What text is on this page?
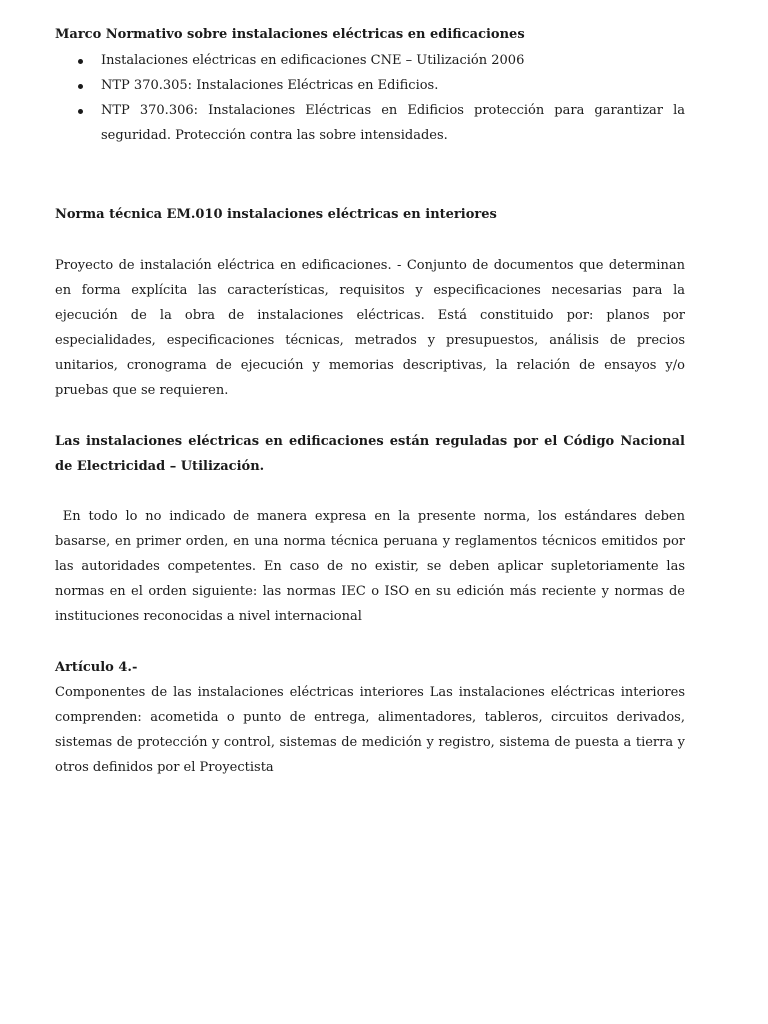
Marco Normativo sobre instalaciones eléctricas en edificaciones

Instalaciones eléctricas en edificaciones CNE – Utilización 2006
NTP 370.305: Instalaciones Eléctricas en Edificios.
NTP 370.306: Instalaciones Eléctricas en Edificios protección para garantizar la seguridad. Protección contra las sobre intensidades.

Norma técnica EM.010 instalaciones eléctricas en interiores

Proyecto de instalación eléctrica en edificaciones. - Conjunto de documentos que determinan en forma explícita las características, requisitos y especificaciones necesarias para la ejecución de la obra de instalaciones eléctricas. Está constituido por: planos por especialidades, especificaciones técnicas, metrados y presupuestos, análisis de precios unitarios, cronograma de ejecución y memorias descriptivas, la relación de ensayos y/o pruebas que se requieren.

Las instalaciones eléctricas en edificaciones están reguladas por el Código Nacional de Electricidad – Utilización.

En todo lo no indicado de manera expresa en la presente norma, los estándares deben basarse, en primer orden, en una norma técnica peruana y reglamentos técnicos emitidos por las autoridades competentes. En caso de no existir, se deben aplicar supletoriamente las normas en el orden siguiente: las normas IEC o ISO en su edición más reciente y normas de instituciones reconocidas a nivel internacional

Artículo 4.-

Componentes de las instalaciones eléctricas interiores Las instalaciones eléctricas interiores comprenden: acometida o punto de entrega, alimentadores, tableros, circuitos derivados, sistemas de protección y control, sistemas de medición y registro, sistema de puesta a tierra y otros definidos por el Proyectista
